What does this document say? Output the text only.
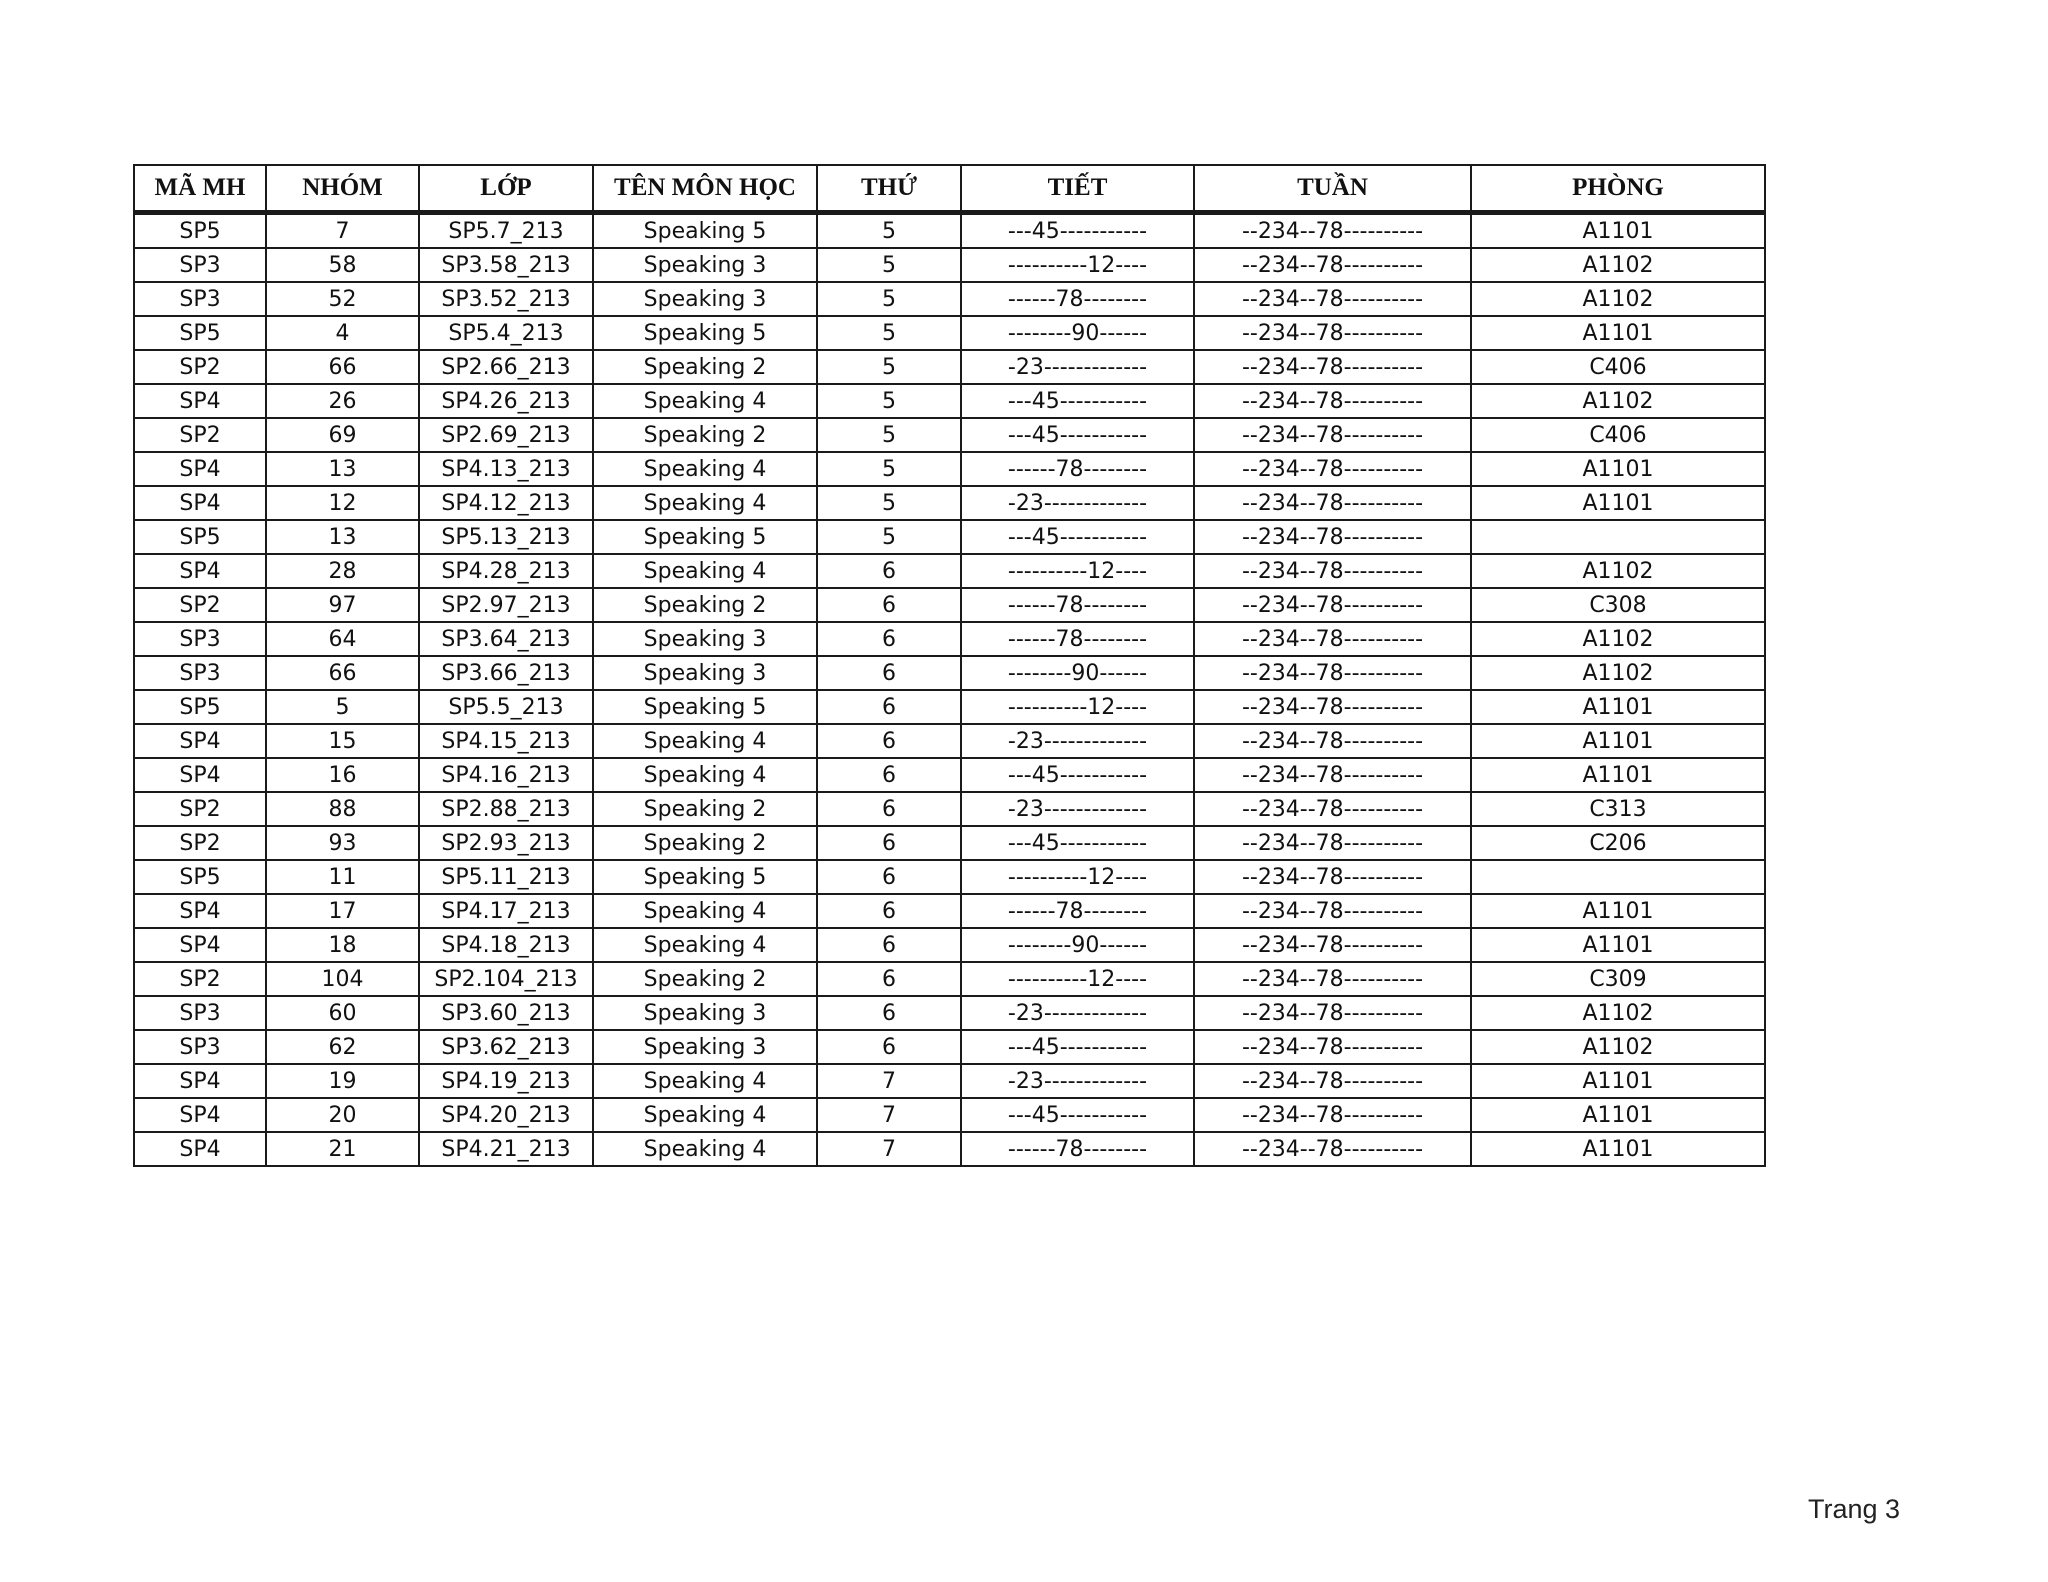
MÃ MH	NHÓM	LỚP	TÊN MÔN HỌC	THỨ	TIẾT	TUẦN	PHÒNG
SP5	7	SP5.7_213	Speaking 5	5	---45-----------	--234--78----------	A1101
SP3	58	SP3.58_213	Speaking 3	5	----------12----	--234--78----------	A1102
SP3	52	SP3.52_213	Speaking 3	5	------78--------	--234--78----------	A1102
SP5	4	SP5.4_213	Speaking 5	5	--------90------	--234--78----------	A1101
SP2	66	SP2.66_213	Speaking 2	5	-23-------------	--234--78----------	C406
SP4	26	SP4.26_213	Speaking 4	5	---45-----------	--234--78----------	A1102
SP2	69	SP2.69_213	Speaking 2	5	---45-----------	--234--78----------	C406
SP4	13	SP4.13_213	Speaking 4	5	------78--------	--234--78----------	A1101
SP4	12	SP4.12_213	Speaking 4	5	-23-------------	--234--78----------	A1101
SP5	13	SP5.13_213	Speaking 5	5	---45-----------	--234--78----------	
SP4	28	SP4.28_213	Speaking 4	6	----------12----	--234--78----------	A1102
SP2	97	SP2.97_213	Speaking 2	6	------78--------	--234--78----------	C308
SP3	64	SP3.64_213	Speaking 3	6	------78--------	--234--78----------	A1102
SP3	66	SP3.66_213	Speaking 3	6	--------90------	--234--78----------	A1102
SP5	5	SP5.5_213	Speaking 5	6	----------12----	--234--78----------	A1101
SP4	15	SP4.15_213	Speaking 4	6	-23-------------	--234--78----------	A1101
SP4	16	SP4.16_213	Speaking 4	6	---45-----------	--234--78----------	A1101
SP2	88	SP2.88_213	Speaking 2	6	-23-------------	--234--78----------	C313
SP2	93	SP2.93_213	Speaking 2	6	---45-----------	--234--78----------	C206
SP5	11	SP5.11_213	Speaking 5	6	----------12----	--234--78----------	
SP4	17	SP4.17_213	Speaking 4	6	------78--------	--234--78----------	A1101
SP4	18	SP4.18_213	Speaking 4	6	--------90------	--234--78----------	A1101
SP2	104	SP2.104_213	Speaking 2	6	----------12----	--234--78----------	C309
SP3	60	SP3.60_213	Speaking 3	6	-23-------------	--234--78----------	A1102
SP3	62	SP3.62_213	Speaking 3	6	---45-----------	--234--78----------	A1102
SP4	19	SP4.19_213	Speaking 4	7	-23-------------	--234--78----------	A1101
SP4	20	SP4.20_213	Speaking 4	7	---45-----------	--234--78----------	A1101
SP4	21	SP4.21_213	Speaking 4	7	------78--------	--234--78----------	A1101
Trang 3
